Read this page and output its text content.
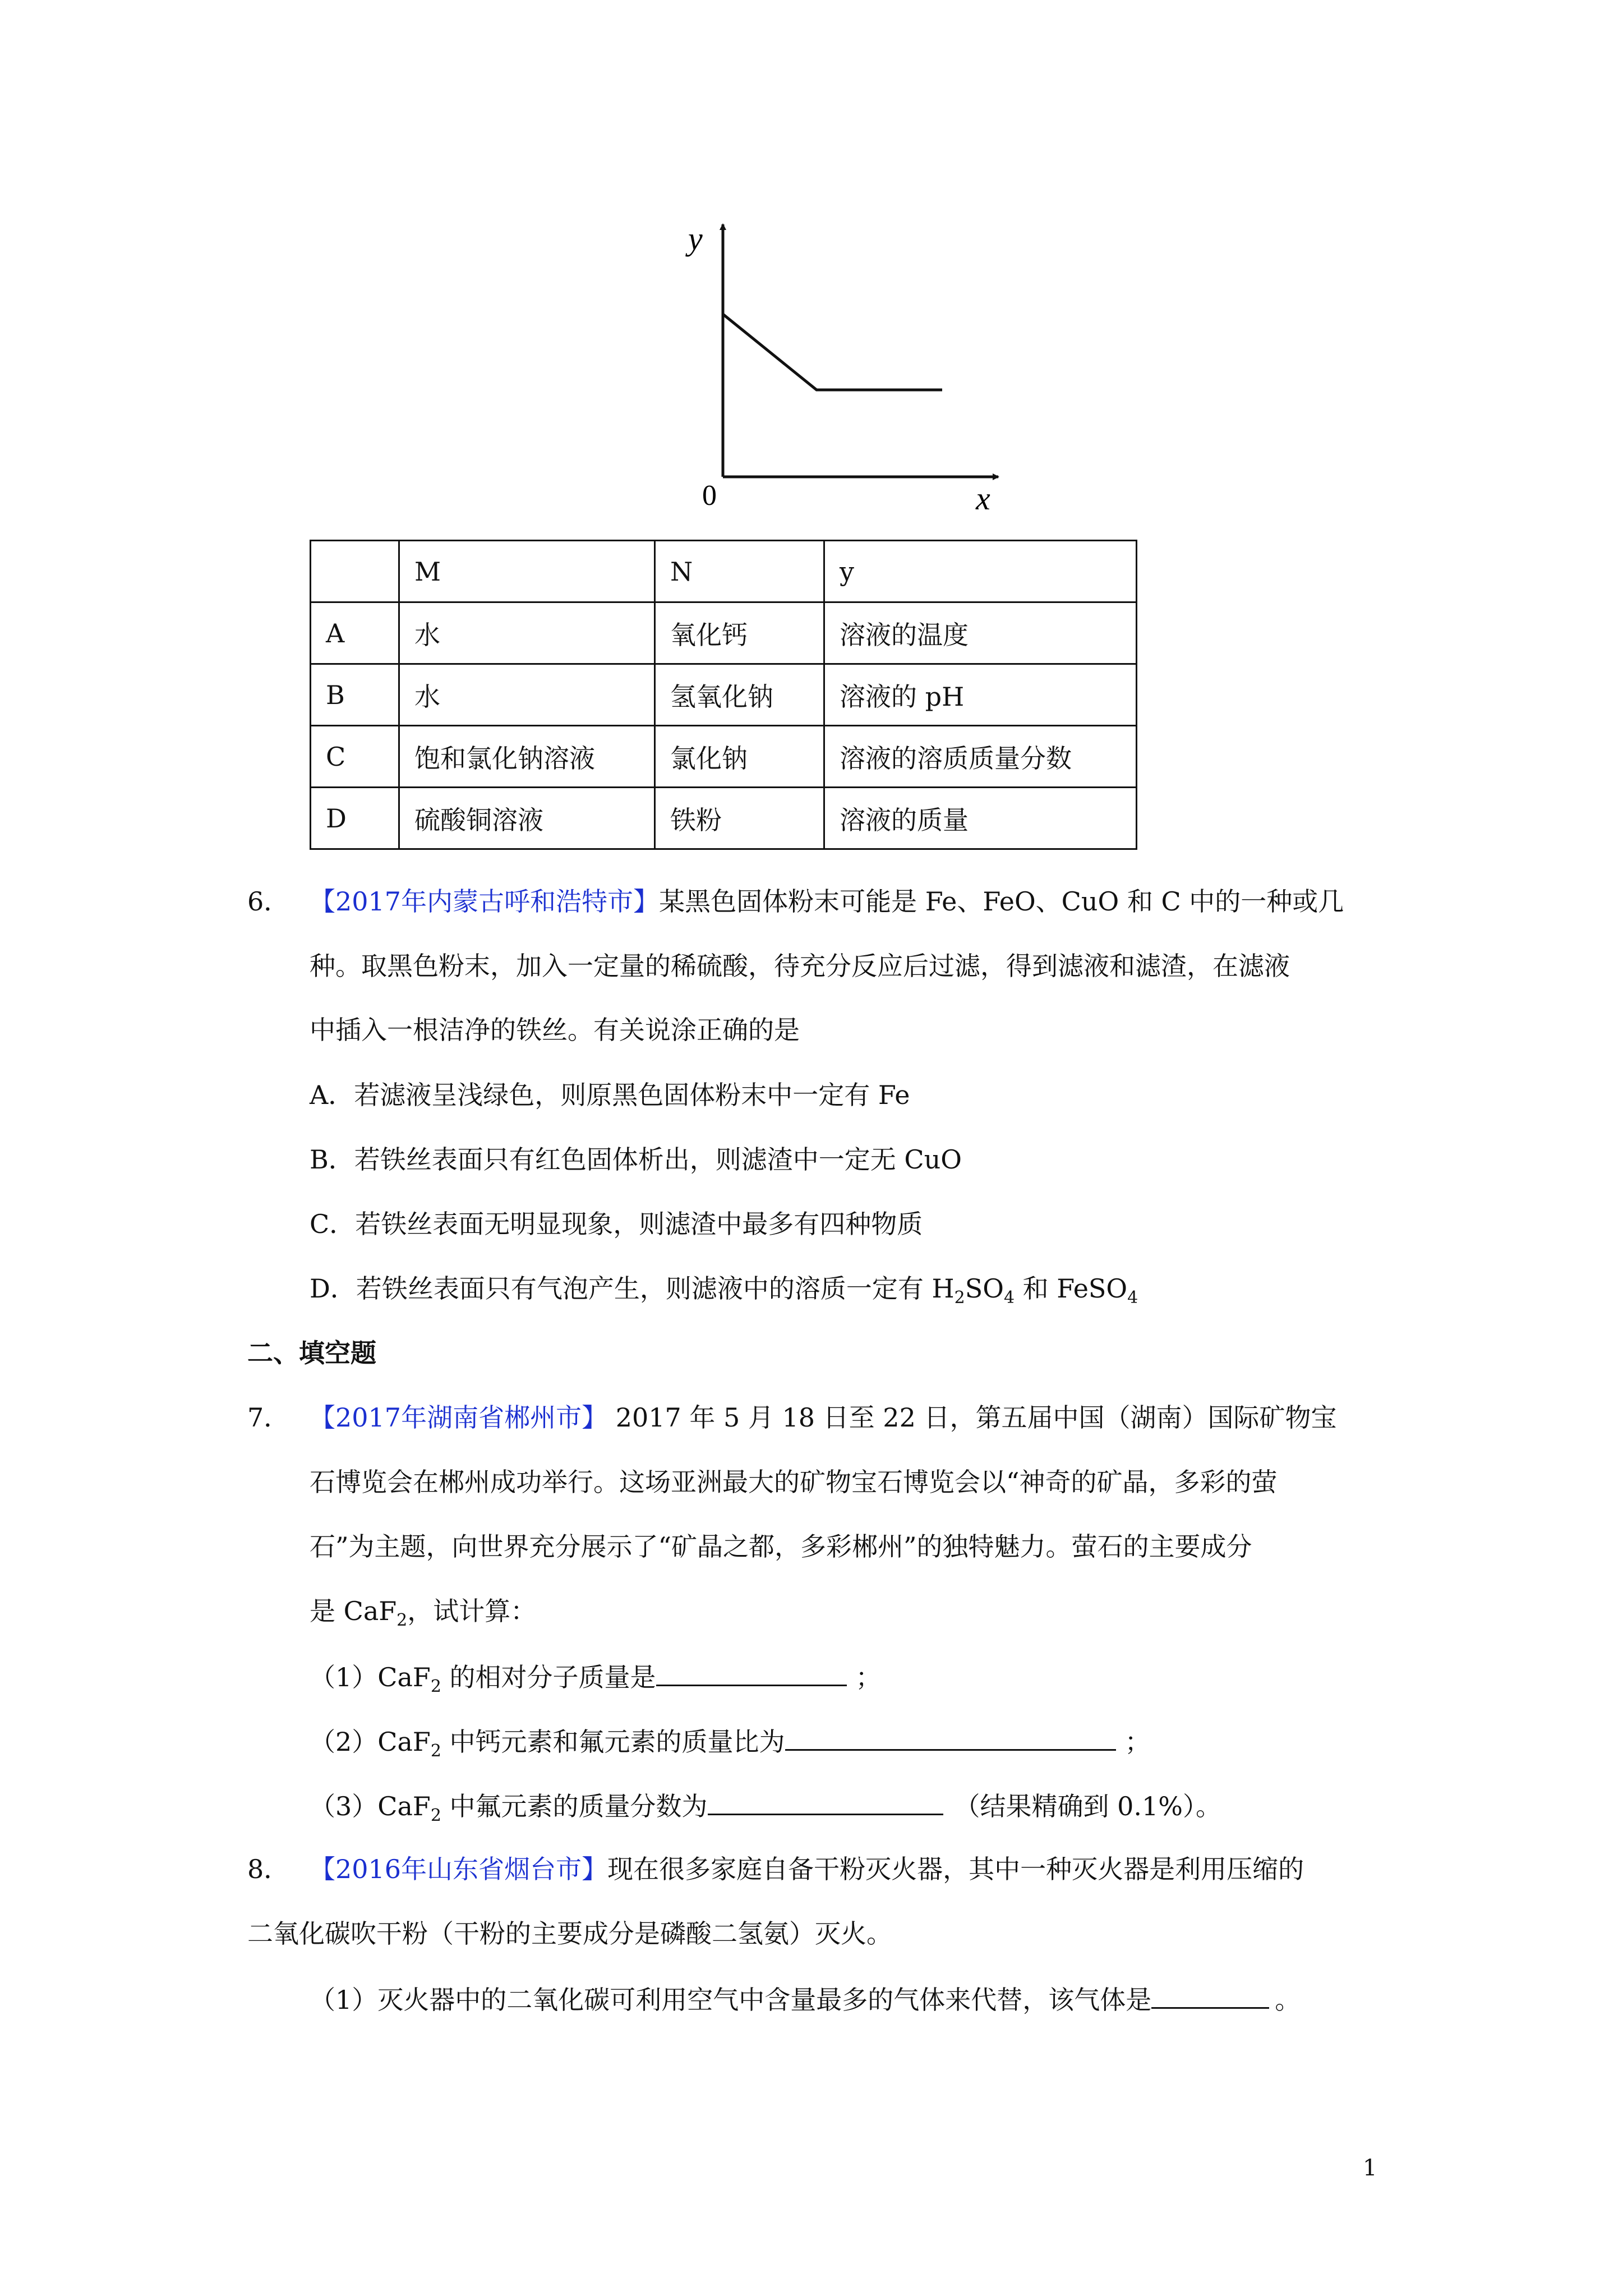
y
x
0
	M	N	y
A	水	氧化钙	溶液的温度
B	水	氢氧化钠	溶液的 pH
C	饱和氯化钠溶液	氯化钠	溶液的溶质质量分数
D	硫酸铜溶液	铁粉	溶液的质量
6． 【2017年内蒙古呼和浩特市】某黑色固体粉末可能是 Fe、FeO、CuO 和 C 中的一种或几
种。取黑色粉末，加入一定量的稀硫酸，待充分反应后过滤，得到滤液和滤渣，在滤液
中插入一根洁净的铁丝。有关说涂正确的是
A．若滤液呈浅绿色，则原黑色固体粉末中一定有 Fe
B．若铁丝表面只有红色固体析出，则滤渣中一定无 CuO
C．若铁丝表面无明显现象，则滤渣中最多有四种物质
D．若铁丝表面只有气泡产生，则滤液中的溶质一定有 $H_2SO_4$ 和 FeSO$_4$
二、填空题
7． 【2017年湖南省郴州市】 2017 年 5 月 18 日至 22 日，第五届中国（湖南）国际矿物宝
石博览会在郴州成功举行。这场亚洲最大的矿物宝石博览会以“神奇的矿晶，多彩的萤
石”为主题，向世界充分展示了“矿晶之都，多彩郴州”的独特魅力。萤石的主要成分
是 CaF$_2$，试计算：
（1）CaF$_2$ 的相对分子质量是	；
（2）CaF$_2$ 中钙元素和氟元素的质量比为	；
（3）CaF$_2$ 中氟元素的质量分数为	（结果精确到 0.1%）。
8． 【2016年山东省烟台市】现在很多家庭自备干粉灭火器，其中一种灭火器是利用压缩的
二氧化碳吹干粉（干粉的主要成分是磷酸二氢氨）灭火。
（1）灭火器中的二氧化碳可利用空气中含量最多的气体来代替，该气体是	。
1
